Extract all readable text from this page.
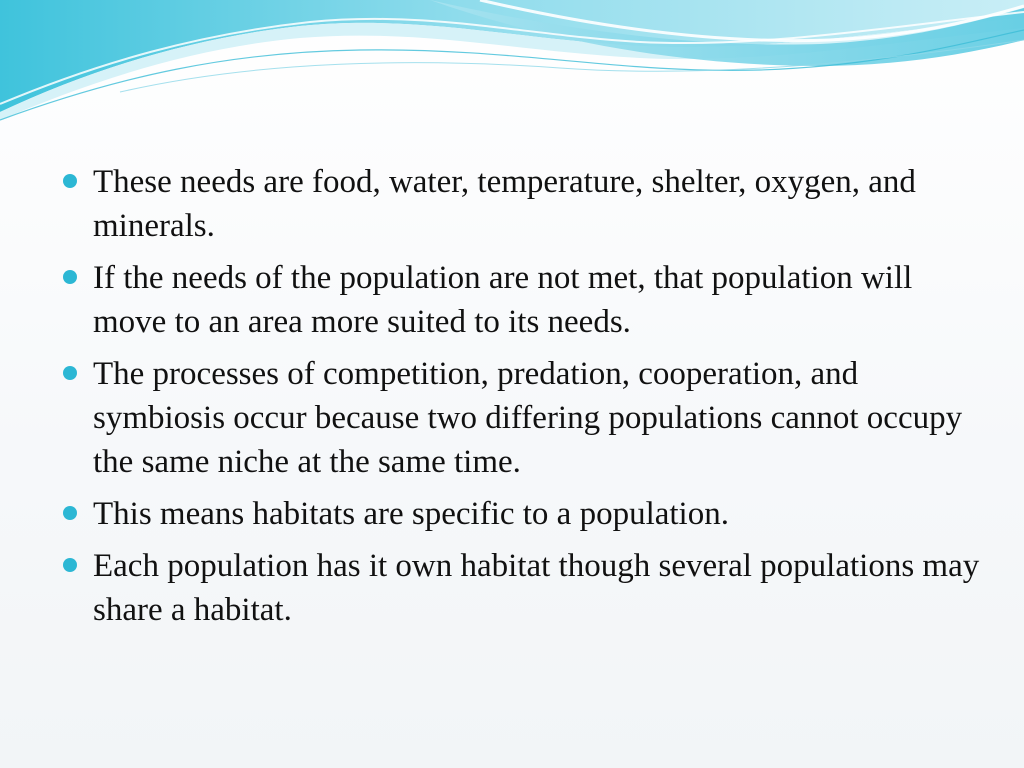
These needs are food, water, temperature, shelter, oxygen, and minerals.
If the needs of the population are not met, that population will move to an area more suited to its needs.
The processes of competition, predation, cooperation, and symbiosis occur because two differing populations cannot occupy the same niche at the same time.
This means habitats are specific to a population.
Each population has it own habitat though several populations may share a habitat.
